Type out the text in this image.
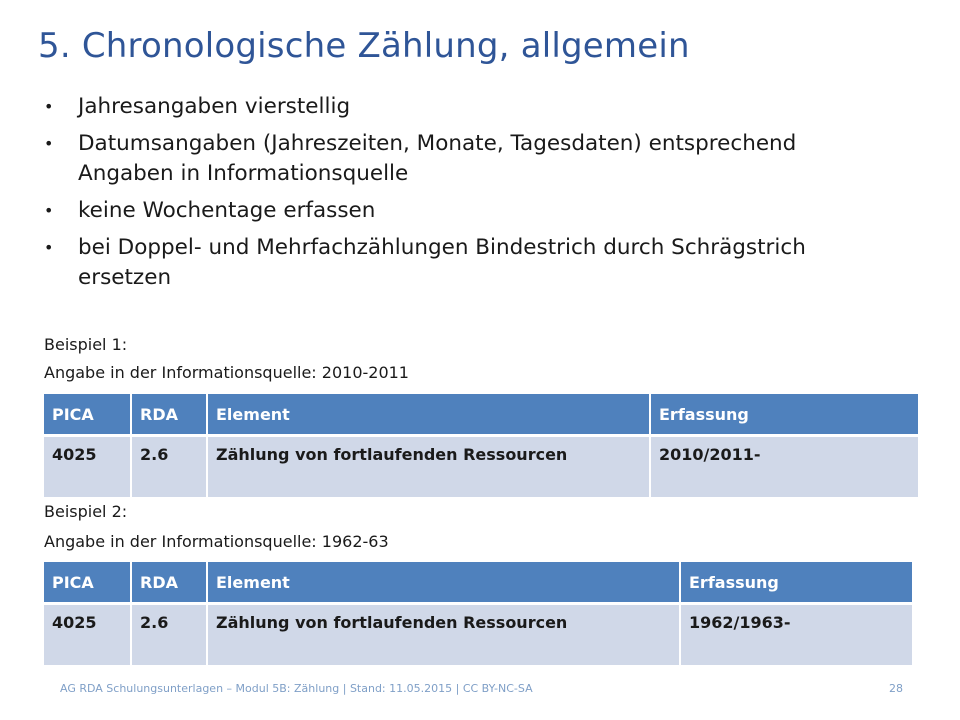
5. Chronologische Zählung, allgemein
• Jahresangaben vierstellig
• Datumsangaben (Jahreszeiten, Monate, Tagesdaten) entsprechend Angaben in Informationsquelle
• keine Wochentage erfassen
• bei Doppel- und Mehrfachzählungen Bindestrich durch Schrägstrich ersetzen
Beispiel 1:
Angabe in der Informationsquelle: 2010-2011
PICA	RDA	Element	Erfassung
4025	2.6	Zählung von fortlaufenden Ressourcen	2010/2011-
Beispiel 2:
Angabe in der Informationsquelle: 1962-63
PICA	RDA	Element	Erfassung
4025	2.6	Zählung von fortlaufenden Ressourcen	1962/1963-
AG RDA Schulungsunterlagen – Modul 5B: Zählung | Stand: 11.05.2015 | CC BY-NC-SA	28
